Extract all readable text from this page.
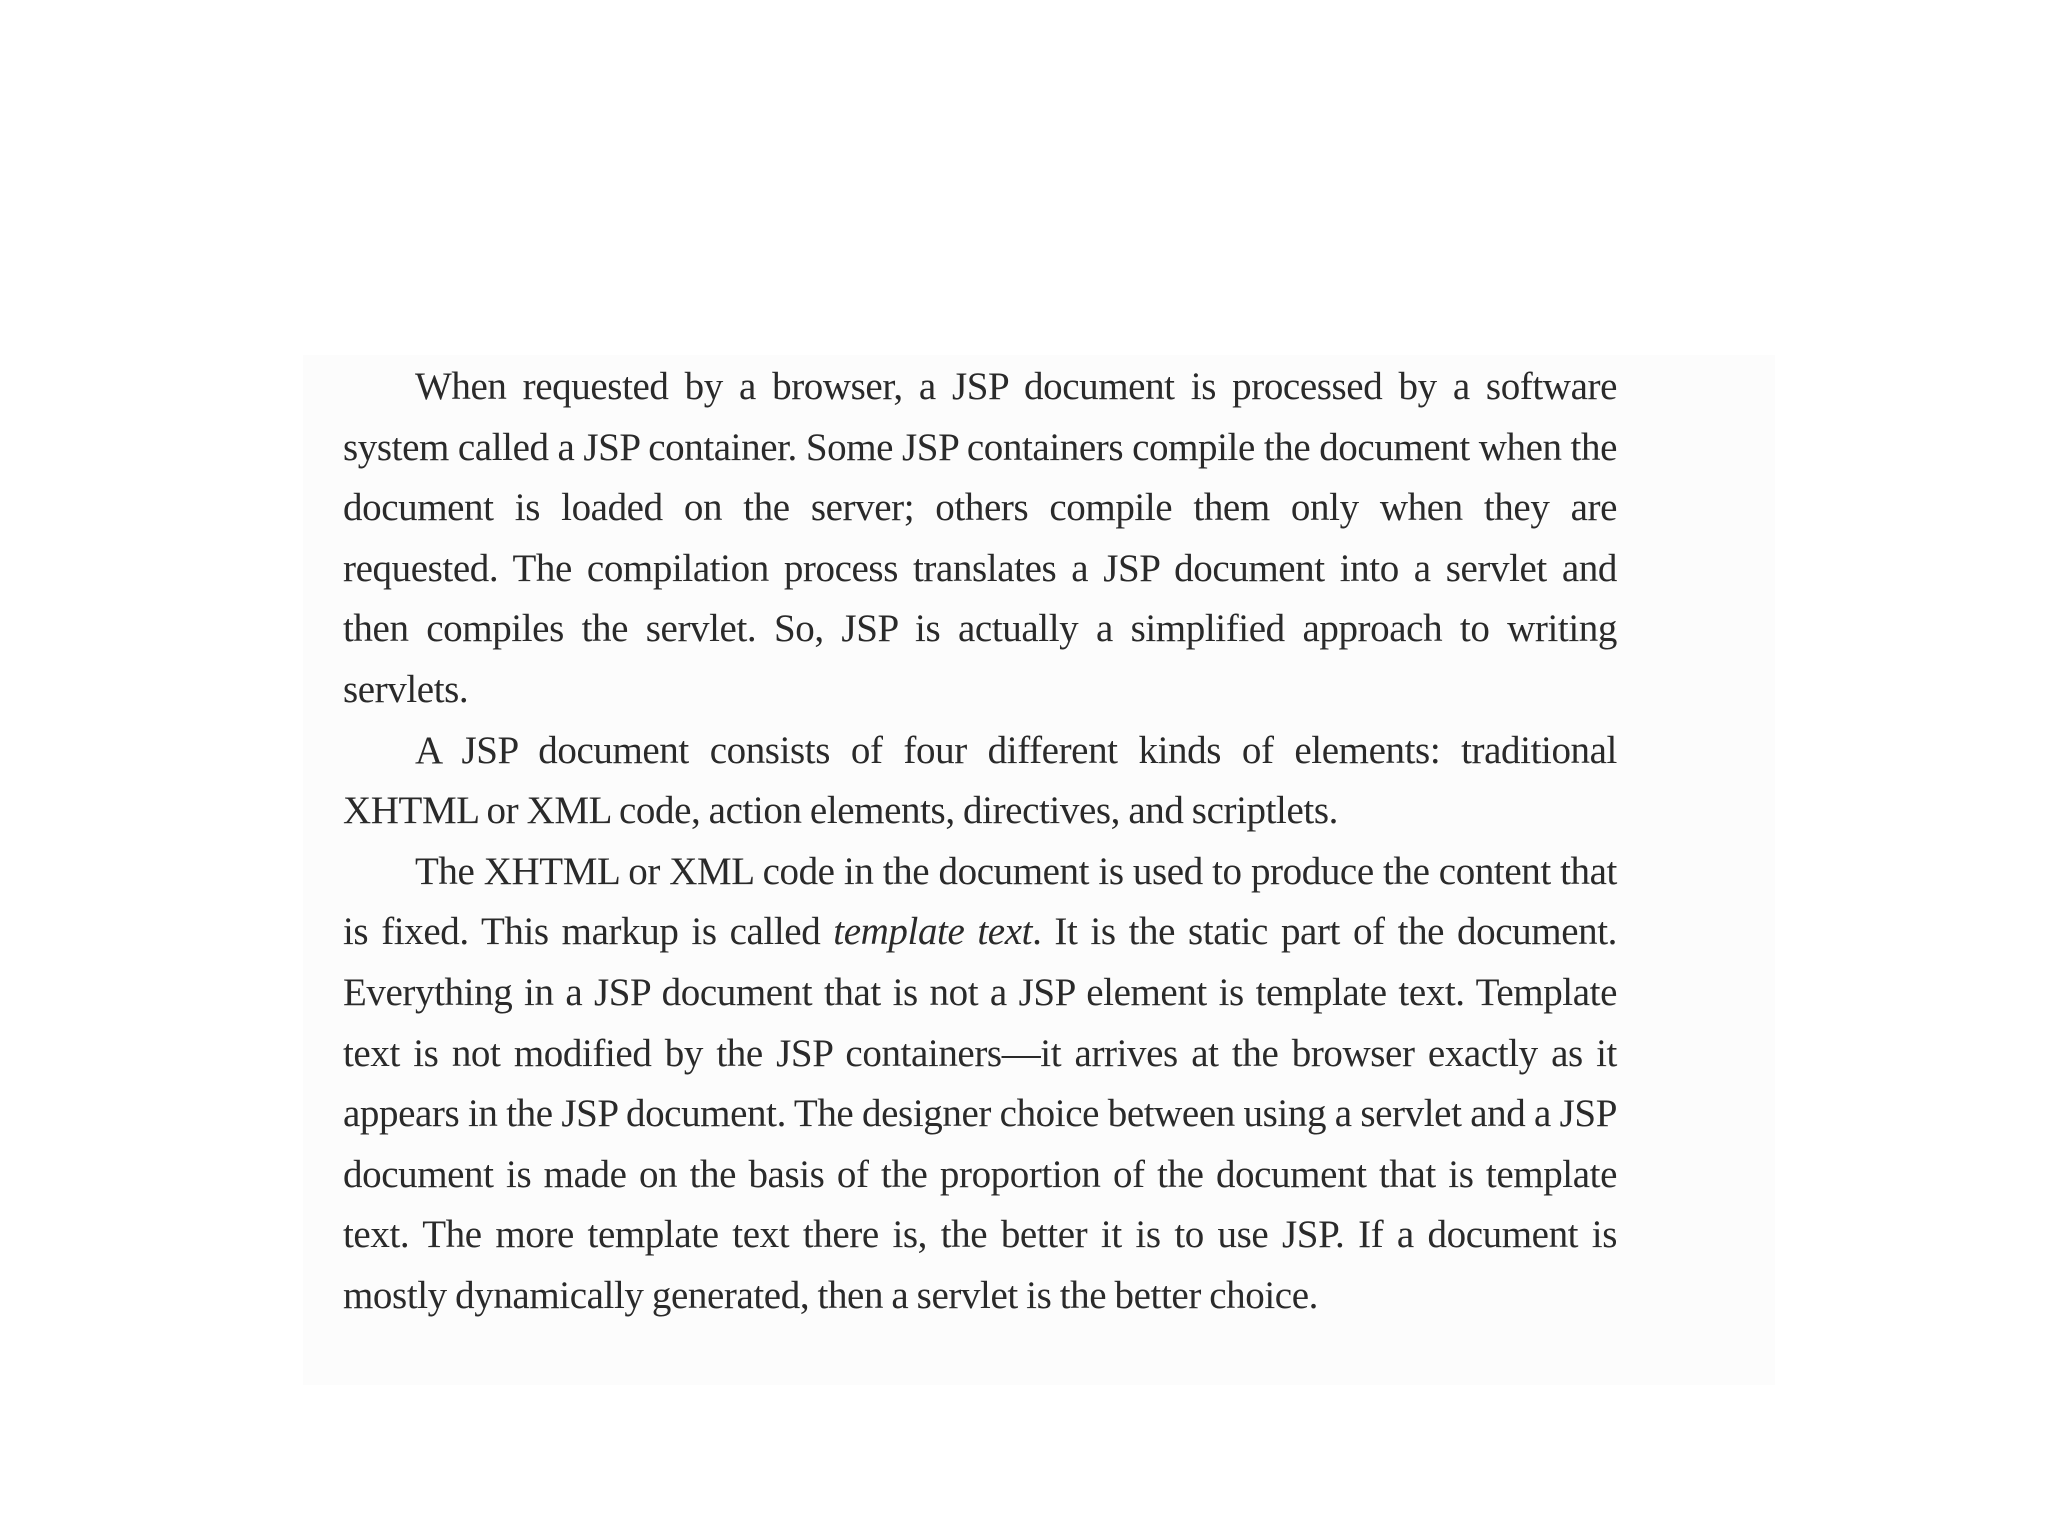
When requested by a browser, a JSP document is processed by a software system called a JSP container. Some JSP containers compile the document when the document is loaded on the server; others compile them only when they are requested. The compilation process translates a JSP document into a servlet and then compiles the servlet. So, JSP is actually a simplified approach to writing servlets.

A JSP document consists of four different kinds of elements: traditional XHTML or XML code, action elements, directives, and scriptlets.

The XHTML or XML code in the document is used to produce the content that is fixed. This markup is called template text. It is the static part of the document. Everything in a JSP document that is not a JSP element is template text. Template text is not modified by the JSP containers—it arrives at the browser exactly as it appears in the JSP document. The designer choice between using a servlet and a JSP document is made on the basis of the proportion of the document that is template text. The more template text there is, the better it is to use JSP. If a document is mostly dynamically generated, then a servlet is the better choice.
